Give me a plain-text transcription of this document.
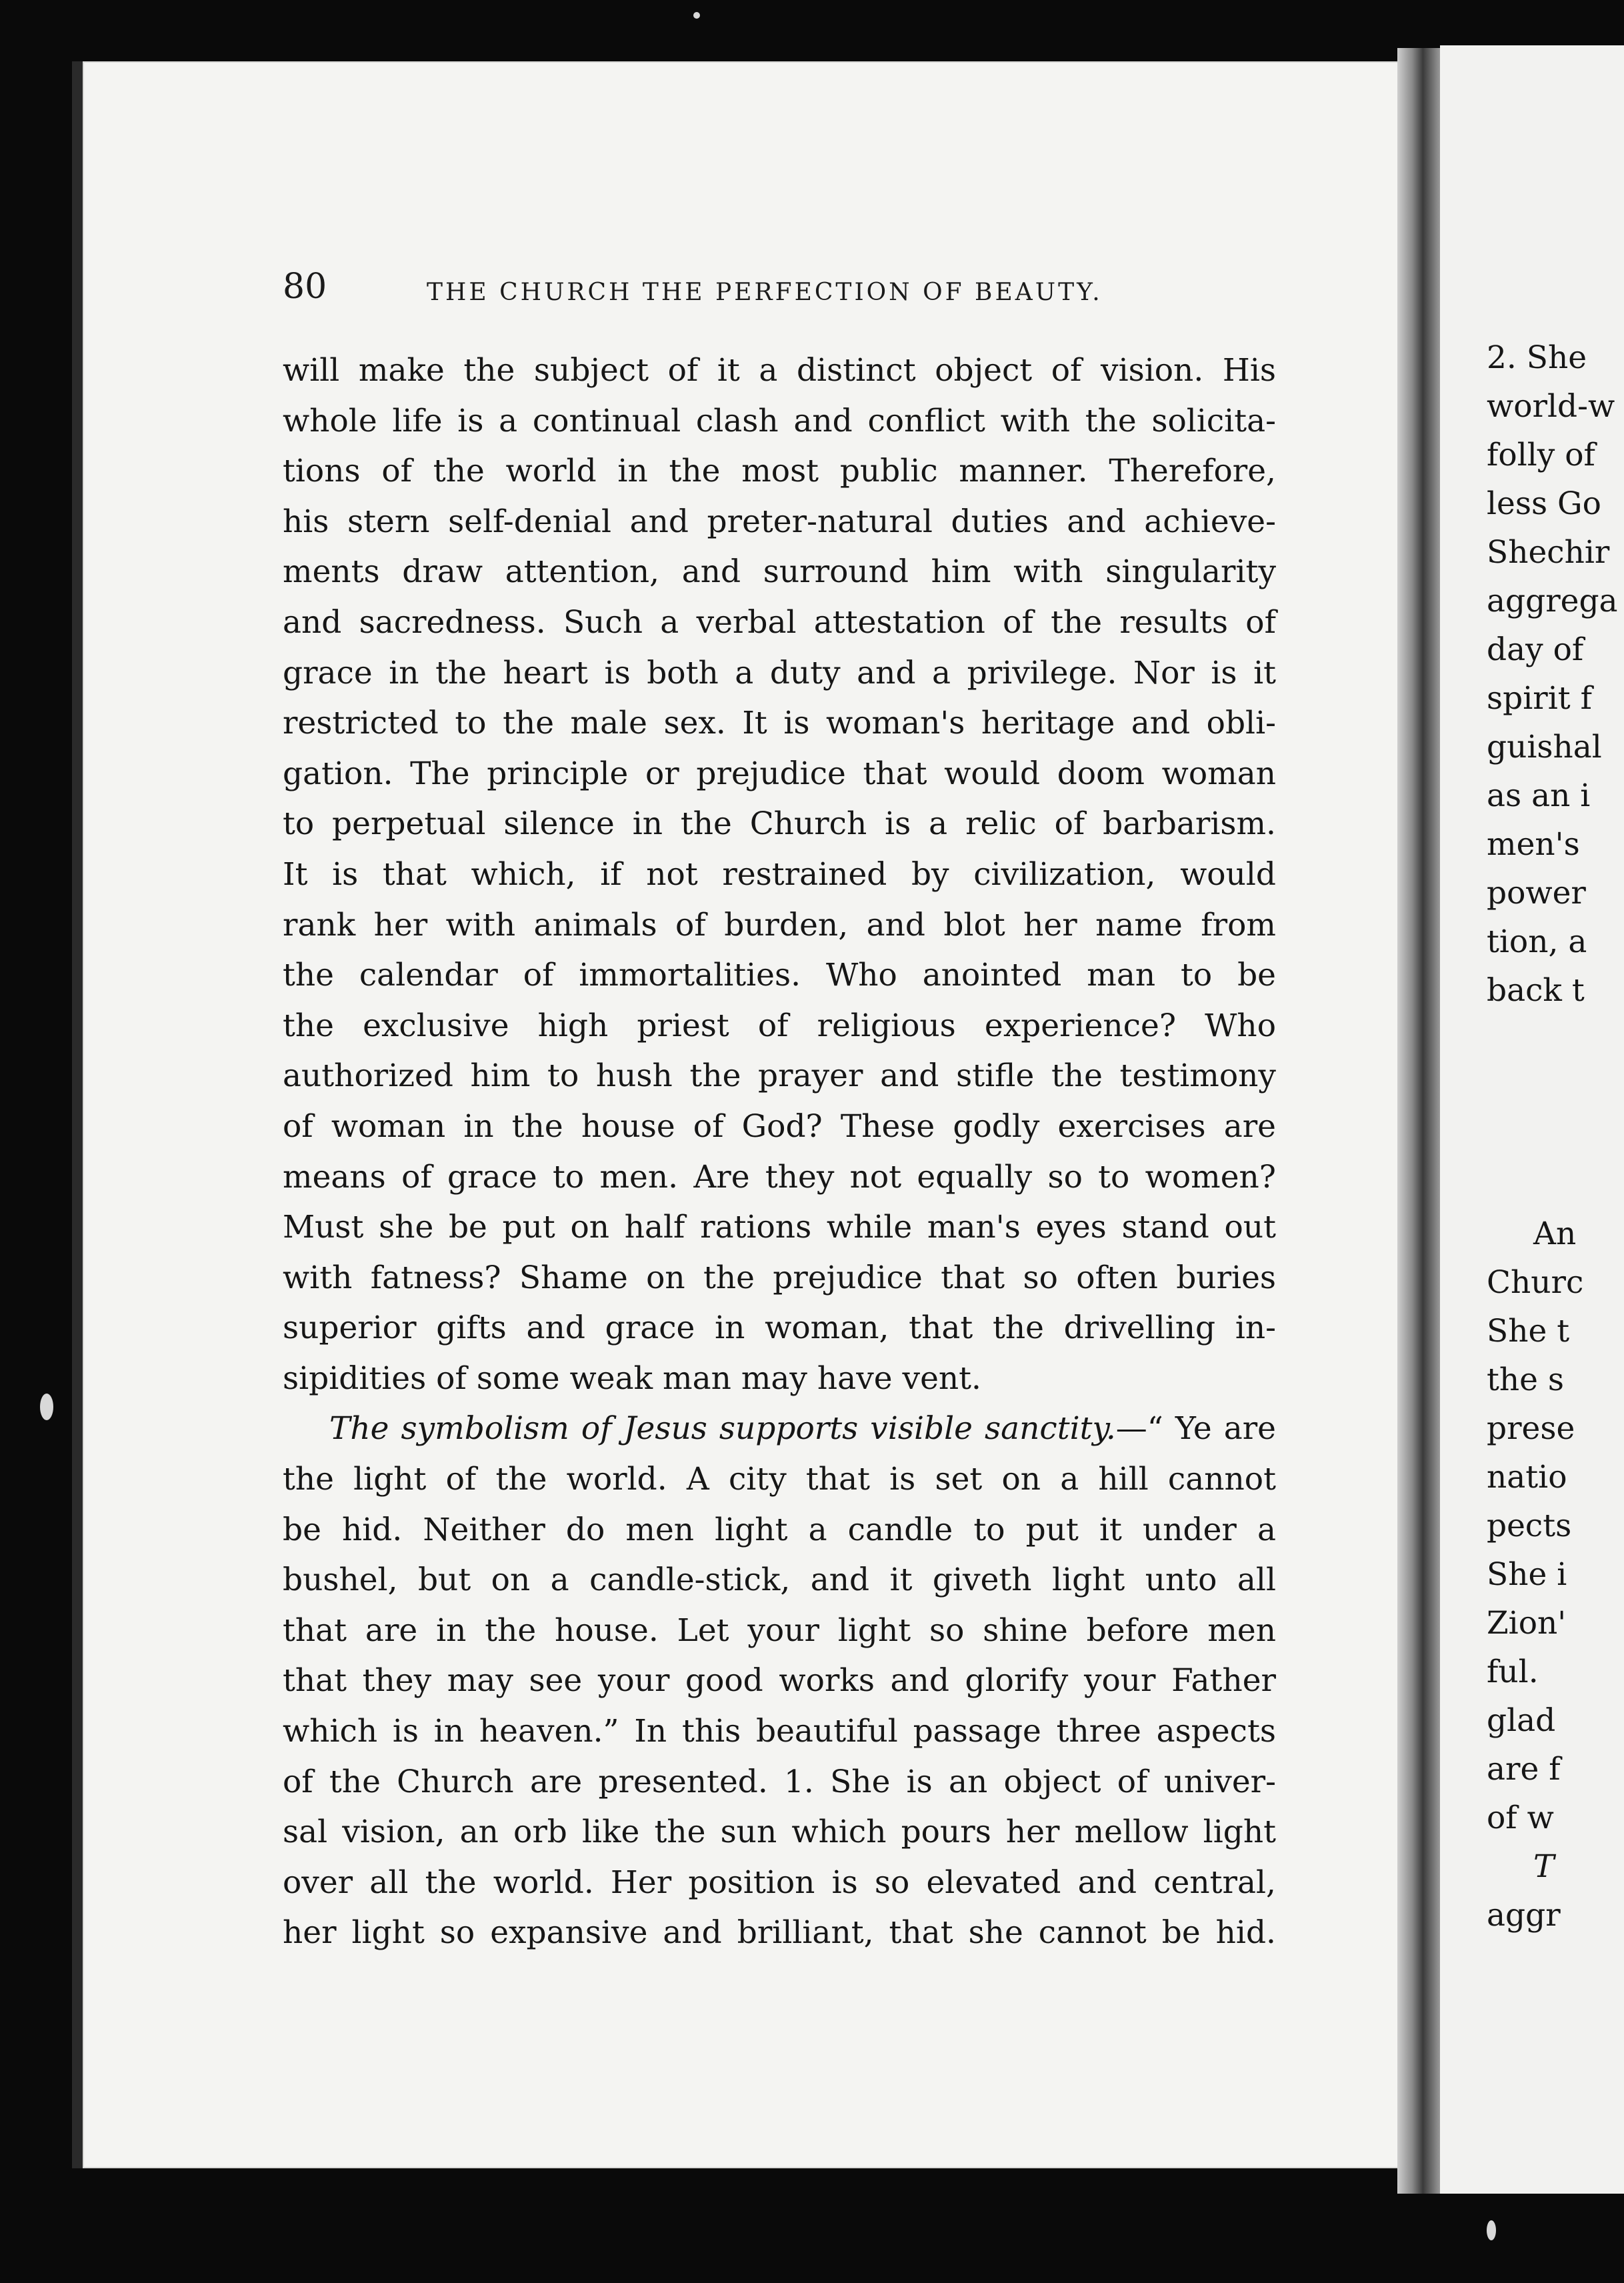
80	THE CHURCH THE PERFECTION OF BEAUTY.
will make the subject of it a distinct object of vision. His
whole life is a continual clash and conflict with the solicita-
tions of the world in the most public manner. Therefore,
his stern self-denial and preter-natural duties and achieve-
ments draw attention, and surround him with singularity
and sacredness. Such a verbal attestation of the results of
grace in the heart is both a duty and a privilege. Nor is it
restricted to the male sex. It is woman's heritage and obli-
gation. The principle or prejudice that would doom woman
to perpetual silence in the Church is a relic of barbarism.
It is that which, if not restrained by civilization, would
rank her with animals of burden, and blot her name from
the calendar of immortalities. Who anointed man to be
the exclusive high priest of religious experience? Who
authorized him to hush the prayer and stifle the testimony
of woman in the house of God? These godly exercises are
means of grace to men. Are they not equally so to women?
Must she be put on half rations while man's eyes stand out
with fatness? Shame on the prejudice that so often buries
superior gifts and grace in woman, that the drivelling in-
sipidities of some weak man may have vent.
The symbolism of Jesus supports visible sanctity.—“ Ye are
the light of the world. A city that is set on a hill cannot
be hid. Neither do men light a candle to put it under a
bushel, but on a candle-stick, and it giveth light unto all
that are in the house. Let your light so shine before men
that they may see your good works and glorify your Father
which is in heaven.” In this beautiful passage three aspects
of the Church are presented. 1. She is an object of univer-
sal vision, an orb like the sun which pours her mellow light
over all the world. Her position is so elevated and central,
her light so expansive and brilliant, that she cannot be hid.
2. She
world-w
folly of
less Go
Shechir
aggrega
day of
spirit f
guishal
as an i
men's
power
tion, a
back t
An
Churc
She t
the s
prese
natio
pects
She i
Zion'
ful.
glad
are f
of w
T
aggr
